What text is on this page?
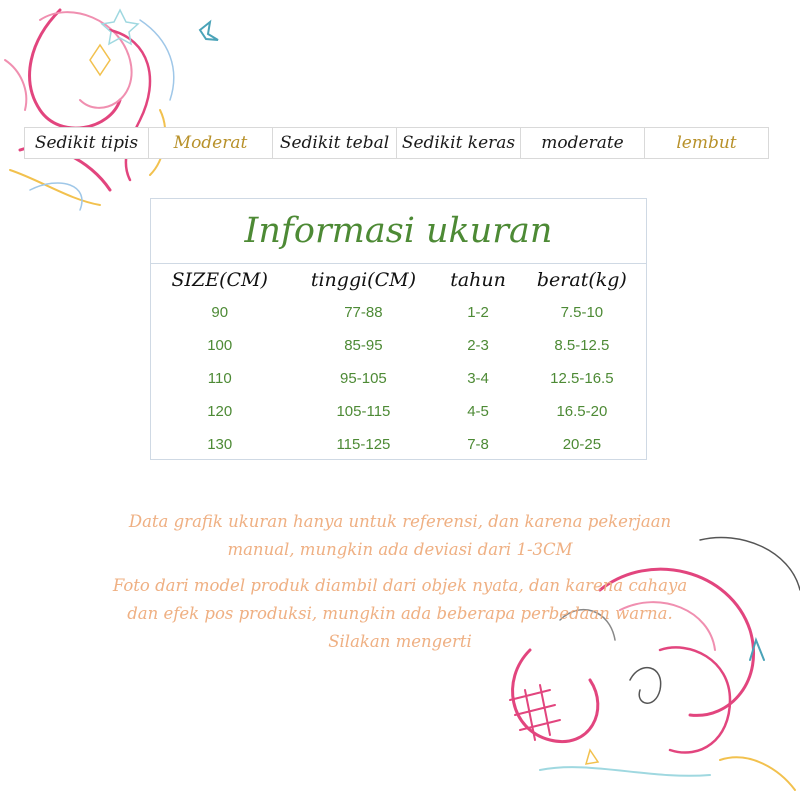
Sedikit tipis	Moderat	Sedikit tebal Sedikit keras	moderate	lembut
Informasi ukuran
SIZE(CM)	tinggi(CM)	tahun	berat(kg)
90	77-88	1-2	7.5-10
100	85-95	2-3	8.5-12.5
110	95-105	3-4	12.5-16.5
120	105-115	4-5	16.5-20
130	115-125	7-8	20-25
Data grafik ukuran hanya untuk referensi, dan karena pekerjaan manual, mungkin ada deviasi dari 1-3CM
Foto dari model produk diambil dari objek nyata, dan karena cahaya dan efek pos produksi, mungkin ada beberapa perbedaan warna. Silakan mengerti
